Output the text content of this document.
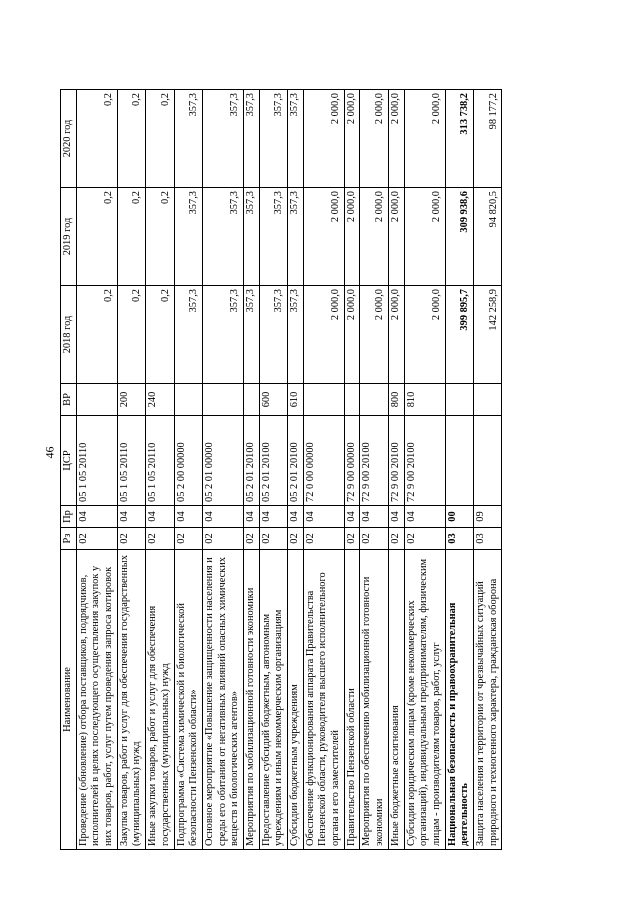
46
Наименование	Рз	Пр	ЦСР	ВР	2018 год	2019 год	2020 год
Проведение (обновление) отбора поставщиков, подрядчиков, исполнителей в целях последующего осуществления закупок у них товаров, работ, услуг путем проведения запроса котировок	02	04	05 1 05 20110		0,2	0,2	0,2
Закупка товаров, работ и услуг для обеспечения государственных (муниципальных) нужд	02	04	05 1 05 20110	200	0,2	0,2	0,2
Иные закупки товаров, работ и услуг для обеспечения государственных (муниципальных) нужд	02	04	05 1 05 20110	240	0,2	0,2	0,2
Подпрограмма «Система химической и биологической безопасности Пензенской области»	02	04	05 2 00 00000		357,3	357,3	357,3
Основное мероприятие «Повышение защищенности населения и среды его обитания от негативных влияний опасных химических веществ и биологических агентов»	02	04	05 2 01 00000		357,3	357,3	357,3
Мероприятия по мобилизационной готовности экономики	02	04	05 2 01 20100		357,3	357,3	357,3
Предоставление субсидий бюджетным, автономным учреждениям и иным некоммерческим организациям	02	04	05 2 01 20100	600	357,3	357,3	357,3
Субсидии бюджетным учреждениям	02	04	05 2 01 20100	610	357,3	357,3	357,3
Обеспечение функционирования аппарата Правительства Пензенской области, руководителя высшего исполнительного органа и его заместителей	02	04	72 0 00 00000		2 000,0	2 000,0	2 000,0
Правительство Пензенской области	02	04	72 9 00 00000		2 000,0	2 000,0	2 000,0
Мероприятия по обеспечению мобилизационной готовности экономики	02	04	72 9 00 20100		2 000,0	2 000,0	2 000,0
Иные бюджетные ассигнования	02	04	72 9 00 20100	800	2 000,0	2 000,0	2 000,0
Субсидии юридическим лицам (кроме некоммерческих организаций), индивидуальным предпринимателям, физическим лицам - производителям товаров, работ, услуг	02	04	72 9 00 20100	810	2 000,0	2 000,0	2 000,0
Национальная безопасность и правоохранительная деятельность	03	00			399 895,7	309 938,6	313 738,2
Защита населения и территории от чрезвычайных ситуаций природного и техногенного характера, гражданская оборона	03	09			142 258,9	94 820,5	98 177,2
